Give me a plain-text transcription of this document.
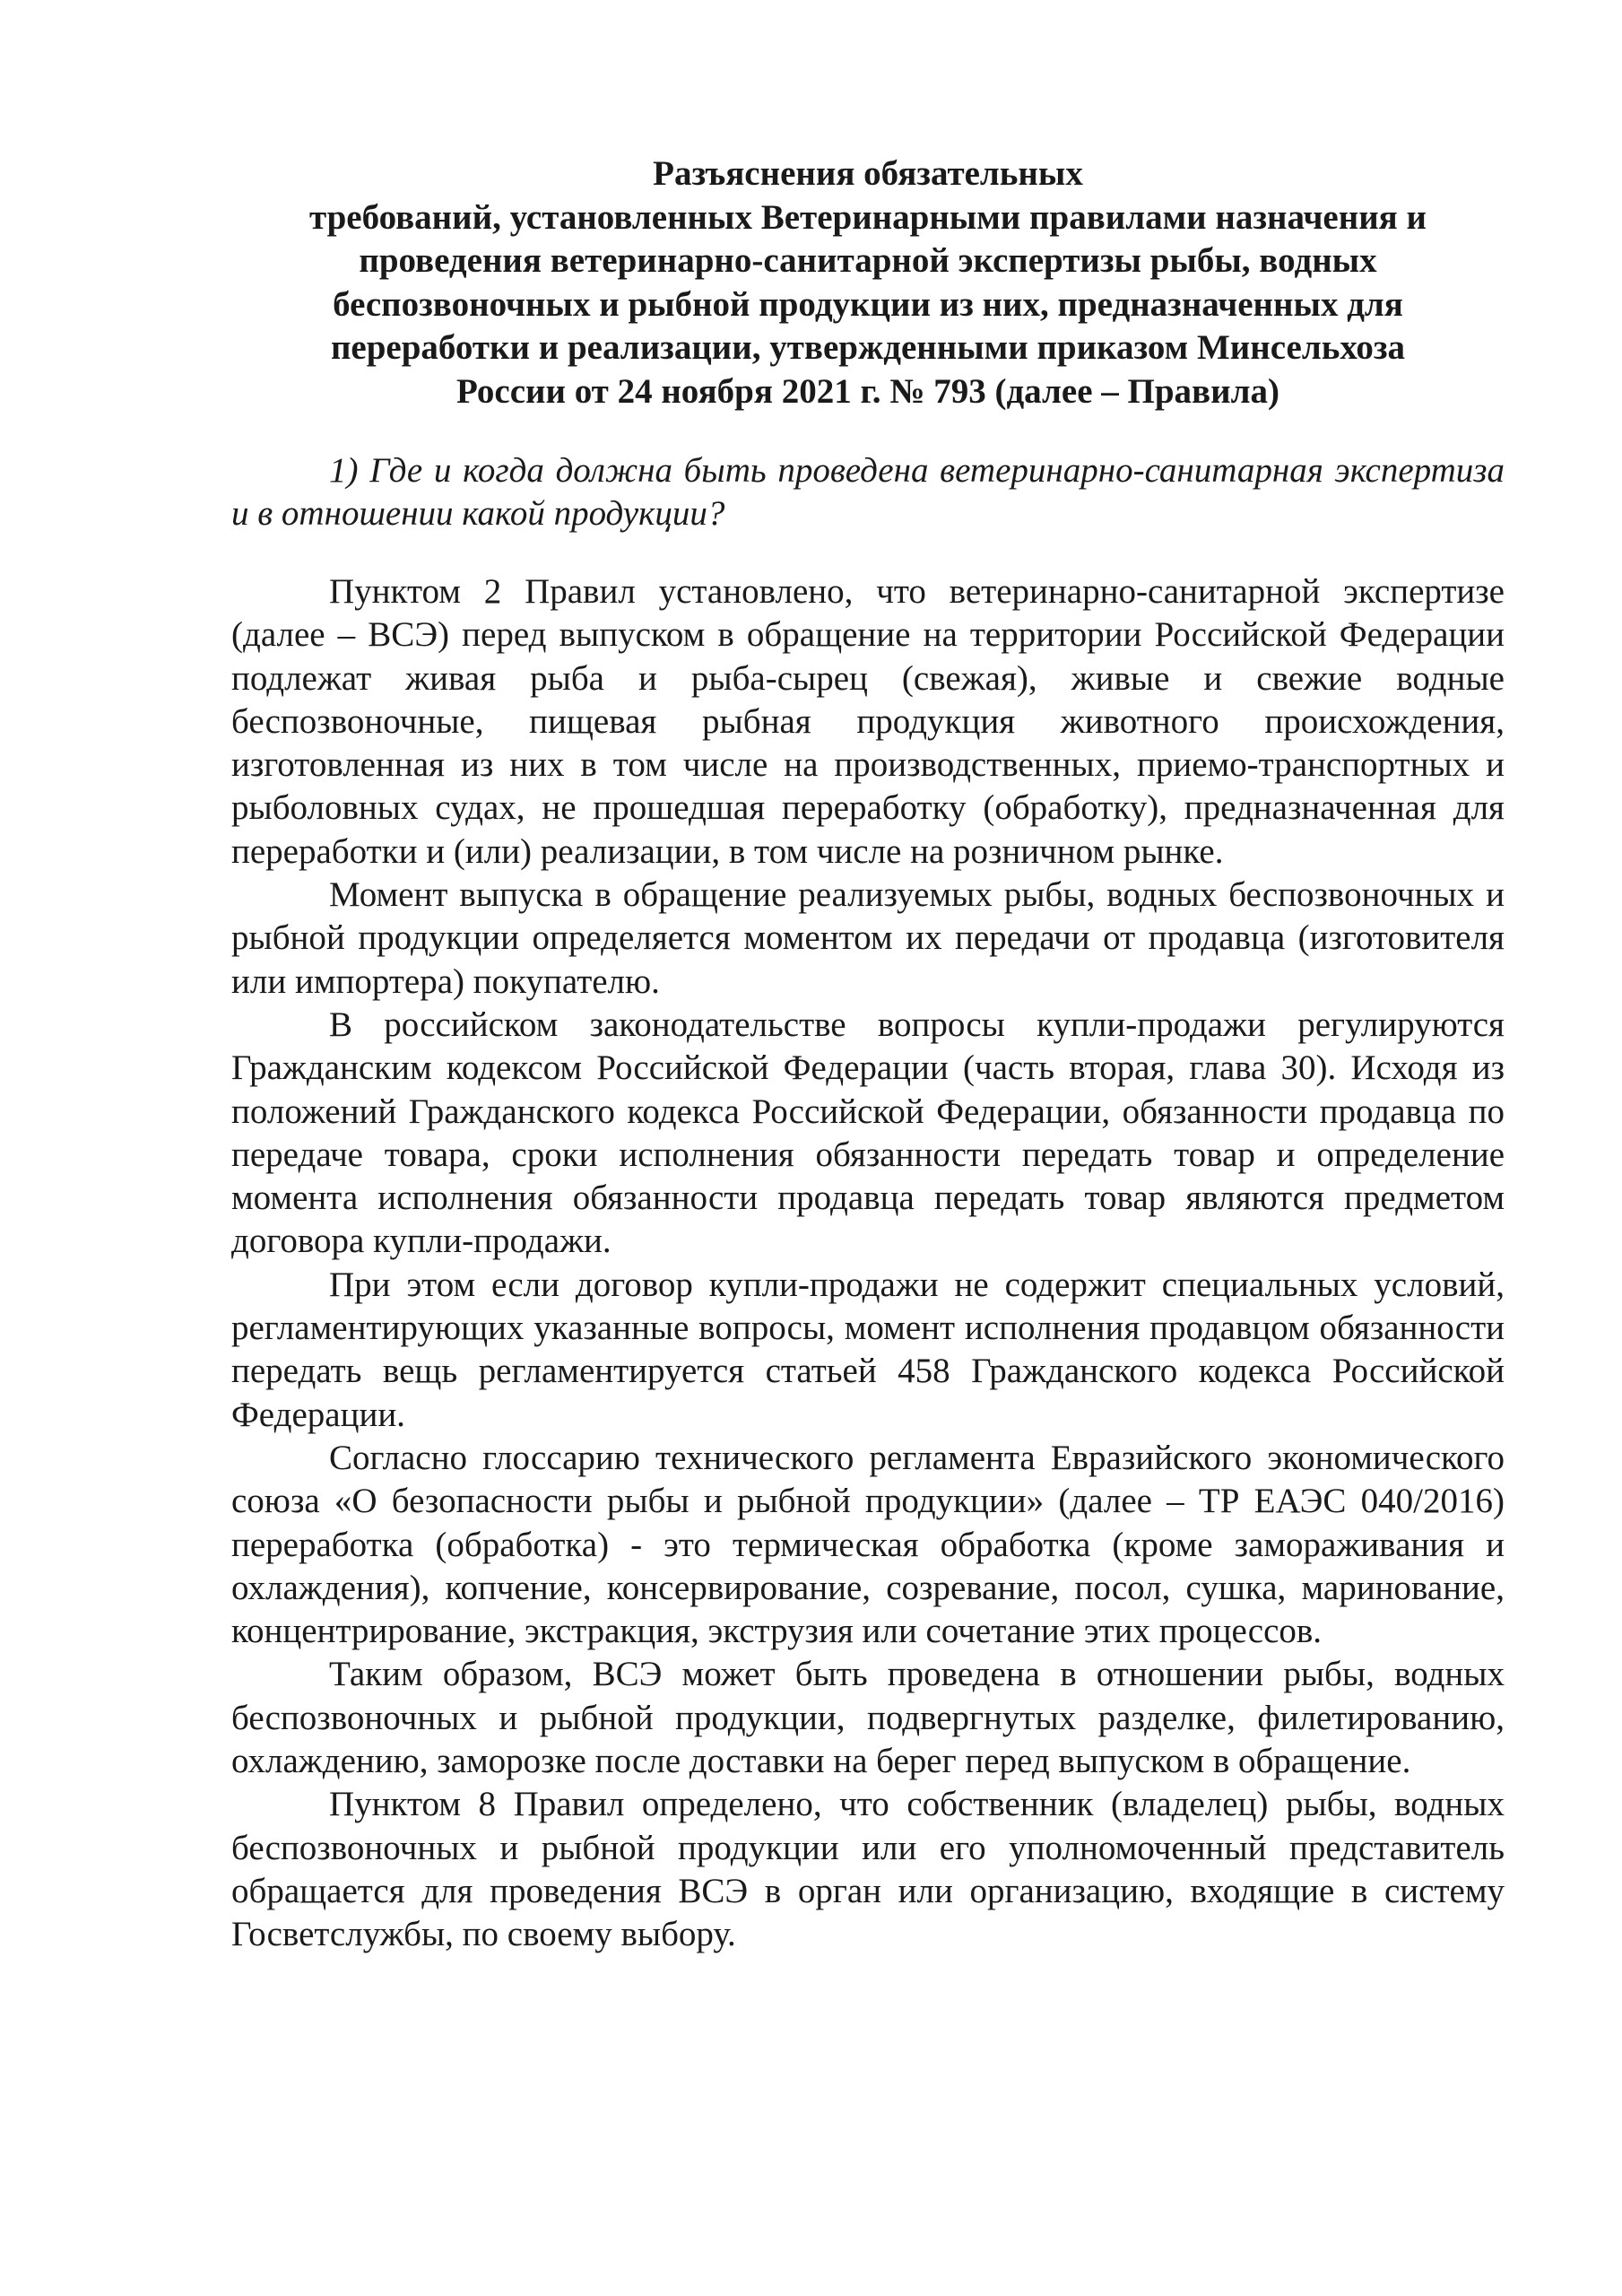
Разъяснения обязательных
требований, установленных Ветеринарными правилами назначения и
проведения ветеринарно-санитарной экспертизы рыбы, водных
беспозвоночных и рыбной продукции из них, предназначенных для
переработки и реализации, утвержденными приказом Минсельхоза
России от 24 ноября 2021 г. № 793 (далее – Правила)

1) Где и когда должна быть проведена ветеринарно-санитарная экспертиза и в отношении какой продукции?

Пунктом 2 Правил установлено, что ветеринарно-санитарной экспертизе (далее – ВСЭ) перед выпуском в обращение на территории Российской Федерации подлежат живая рыба и рыба-сырец (свежая), живые и свежие водные беспозвоночные, пищевая рыбная продукция животного происхождения, изготовленная из них в том числе на производственных, приемо-транспортных и рыболовных судах, не прошедшая переработку (обработку), предназначенная для переработки и (или) реализации, в том числе на розничном рынке.

Момент выпуска в обращение реализуемых рыбы, водных беспозвоночных и рыбной продукции определяется моментом их передачи от продавца (изготовителя или импортера) покупателю.

В российском законодательстве вопросы купли-продажи регулируются Гражданским кодексом Российской Федерации (часть вторая, глава 30). Исходя из положений Гражданского кодекса Российской Федерации, обязанности продавца по передаче товара, сроки исполнения обязанности передать товар и определение момента исполнения обязанности продавца передать товар являются предметом договора купли-продажи.

При этом если договор купли-продажи не содержит специальных условий, регламентирующих указанные вопросы, момент исполнения продавцом обязанности передать вещь регламентируется статьей 458 Гражданского кодекса Российской Федерации.

Согласно глоссарию технического регламента Евразийского экономического союза «О безопасности рыбы и рыбной продукции» (далее – ТР ЕАЭС 040/2016) переработка (обработка) - это термическая обработка (кроме замораживания и охлаждения), копчение, консервирование, созревание, посол, сушка, маринование, концентрирование, экстракция, экструзия или сочетание этих процессов.

Таким образом, ВСЭ может быть проведена в отношении рыбы, водных беспозвоночных и рыбной продукции, подвергнутых разделке, филетированию, охлаждению, заморозке после доставки на берег перед выпуском в обращение.

Пунктом 8 Правил определено, что собственник (владелец) рыбы, водных беспозвоночных и рыбной продукции или его уполномоченный представитель обращается для проведения ВСЭ в орган или организацию, входящие в систему Госветслужбы, по своему выбору.
